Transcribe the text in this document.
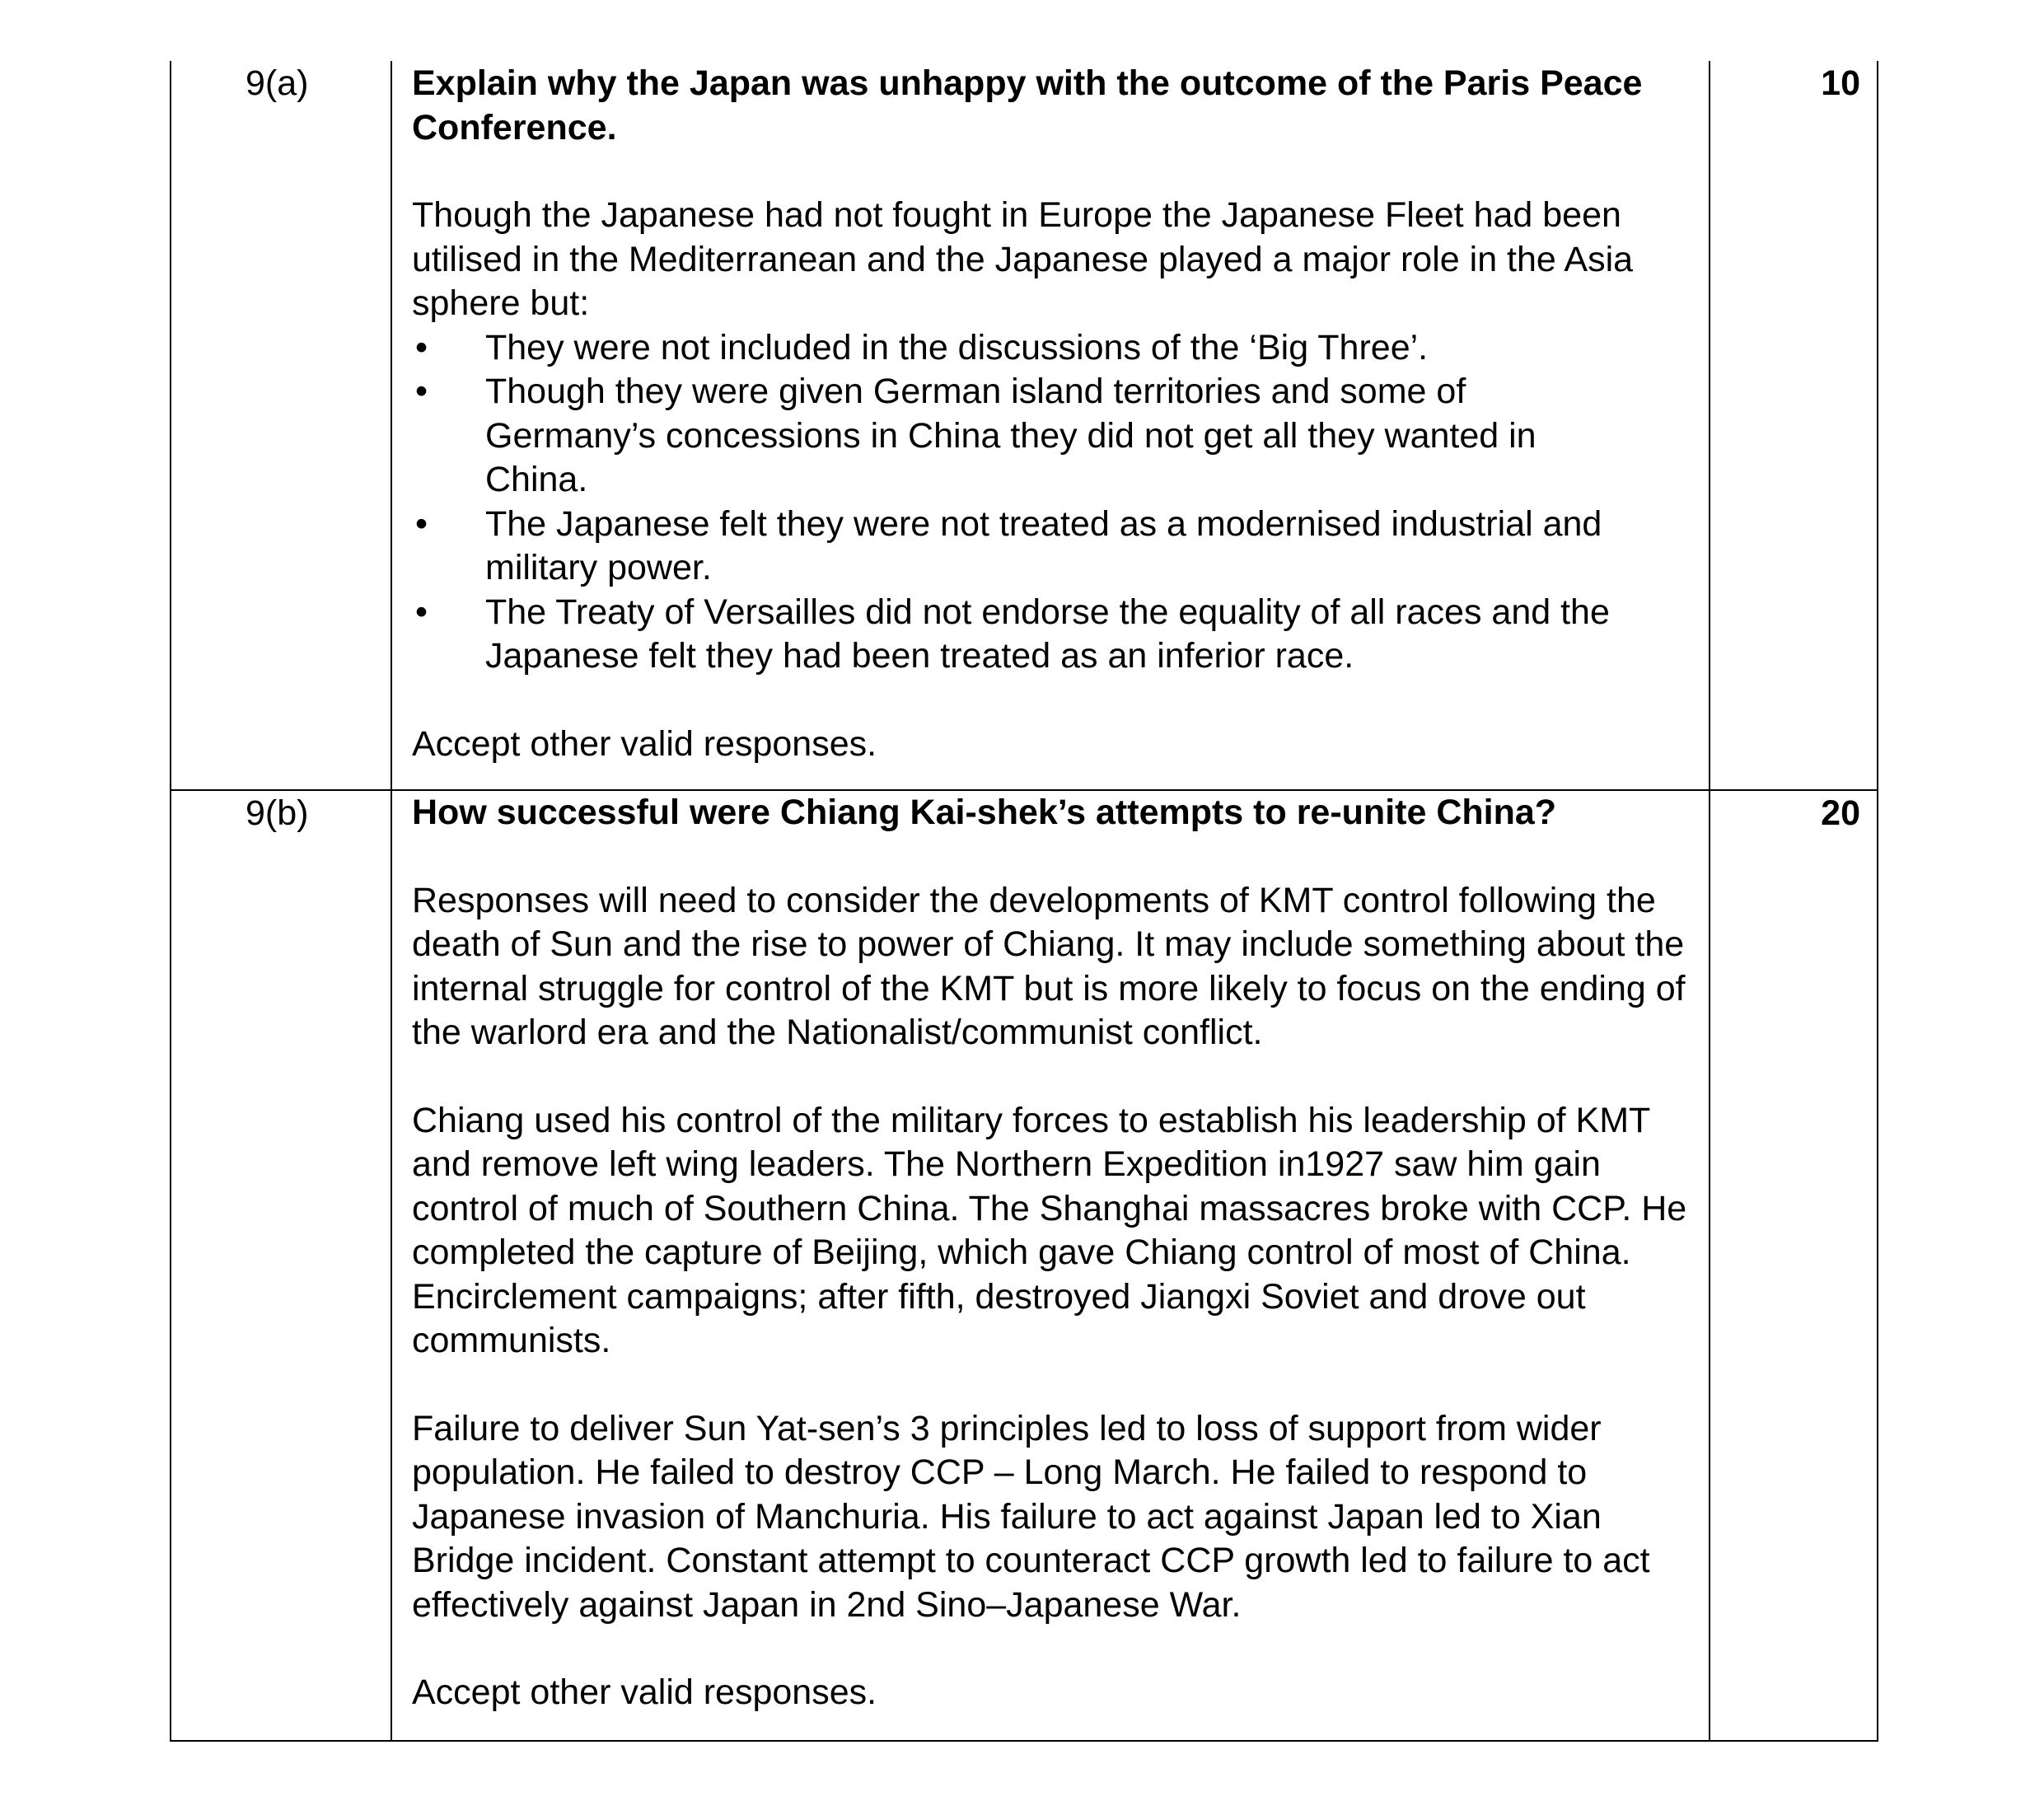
9(a)	Explain why the Japan was unhappy with the outcome of the Paris Peace Conference.

Though the Japanese had not fought in Europe the Japanese Fleet had been utilised in the Mediterranean and the Japanese played a major role in the Asia sphere but:

• They were not included in the discussions of the ‘Big Three’.
• Though they were given German island territories and some of Germany’s concessions in China they did not get all they wanted in China.
• The Japanese felt they were not treated as a modernised industrial and military power.
• The Treaty of Versailles did not endorse the equality of all races and the Japanese felt they had been treated as an inferior race.

Accept other valid responses.

10
9(b)	How successful were Chiang Kai-shek’s attempts to re-unite China?

Responses will need to consider the developments of KMT control following the death of Sun and the rise to power of Chiang. It may include something about the internal struggle for control of the KMT but is more likely to focus on the ending of the warlord era and the Nationalist/communist conflict.

Chiang used his control of the military forces to establish his leadership of KMT and remove left wing leaders. The Northern Expedition in1927 saw him gain control of much of Southern China. The Shanghai massacres broke with CCP. He completed the capture of Beijing, which gave Chiang control of most of China. Encirclement campaigns; after fifth, destroyed Jiangxi Soviet and drove out communists.

Failure to deliver Sun Yat-sen’s 3 principles led to loss of support from wider population. He failed to destroy CCP – Long March. He failed to respond to Japanese invasion of Manchuria. His failure to act against Japan led to Xian Bridge incident. Constant attempt to counteract CCP growth led to failure to act effectively against Japan in 2nd Sino–Japanese War.

Accept other valid responses.

20
